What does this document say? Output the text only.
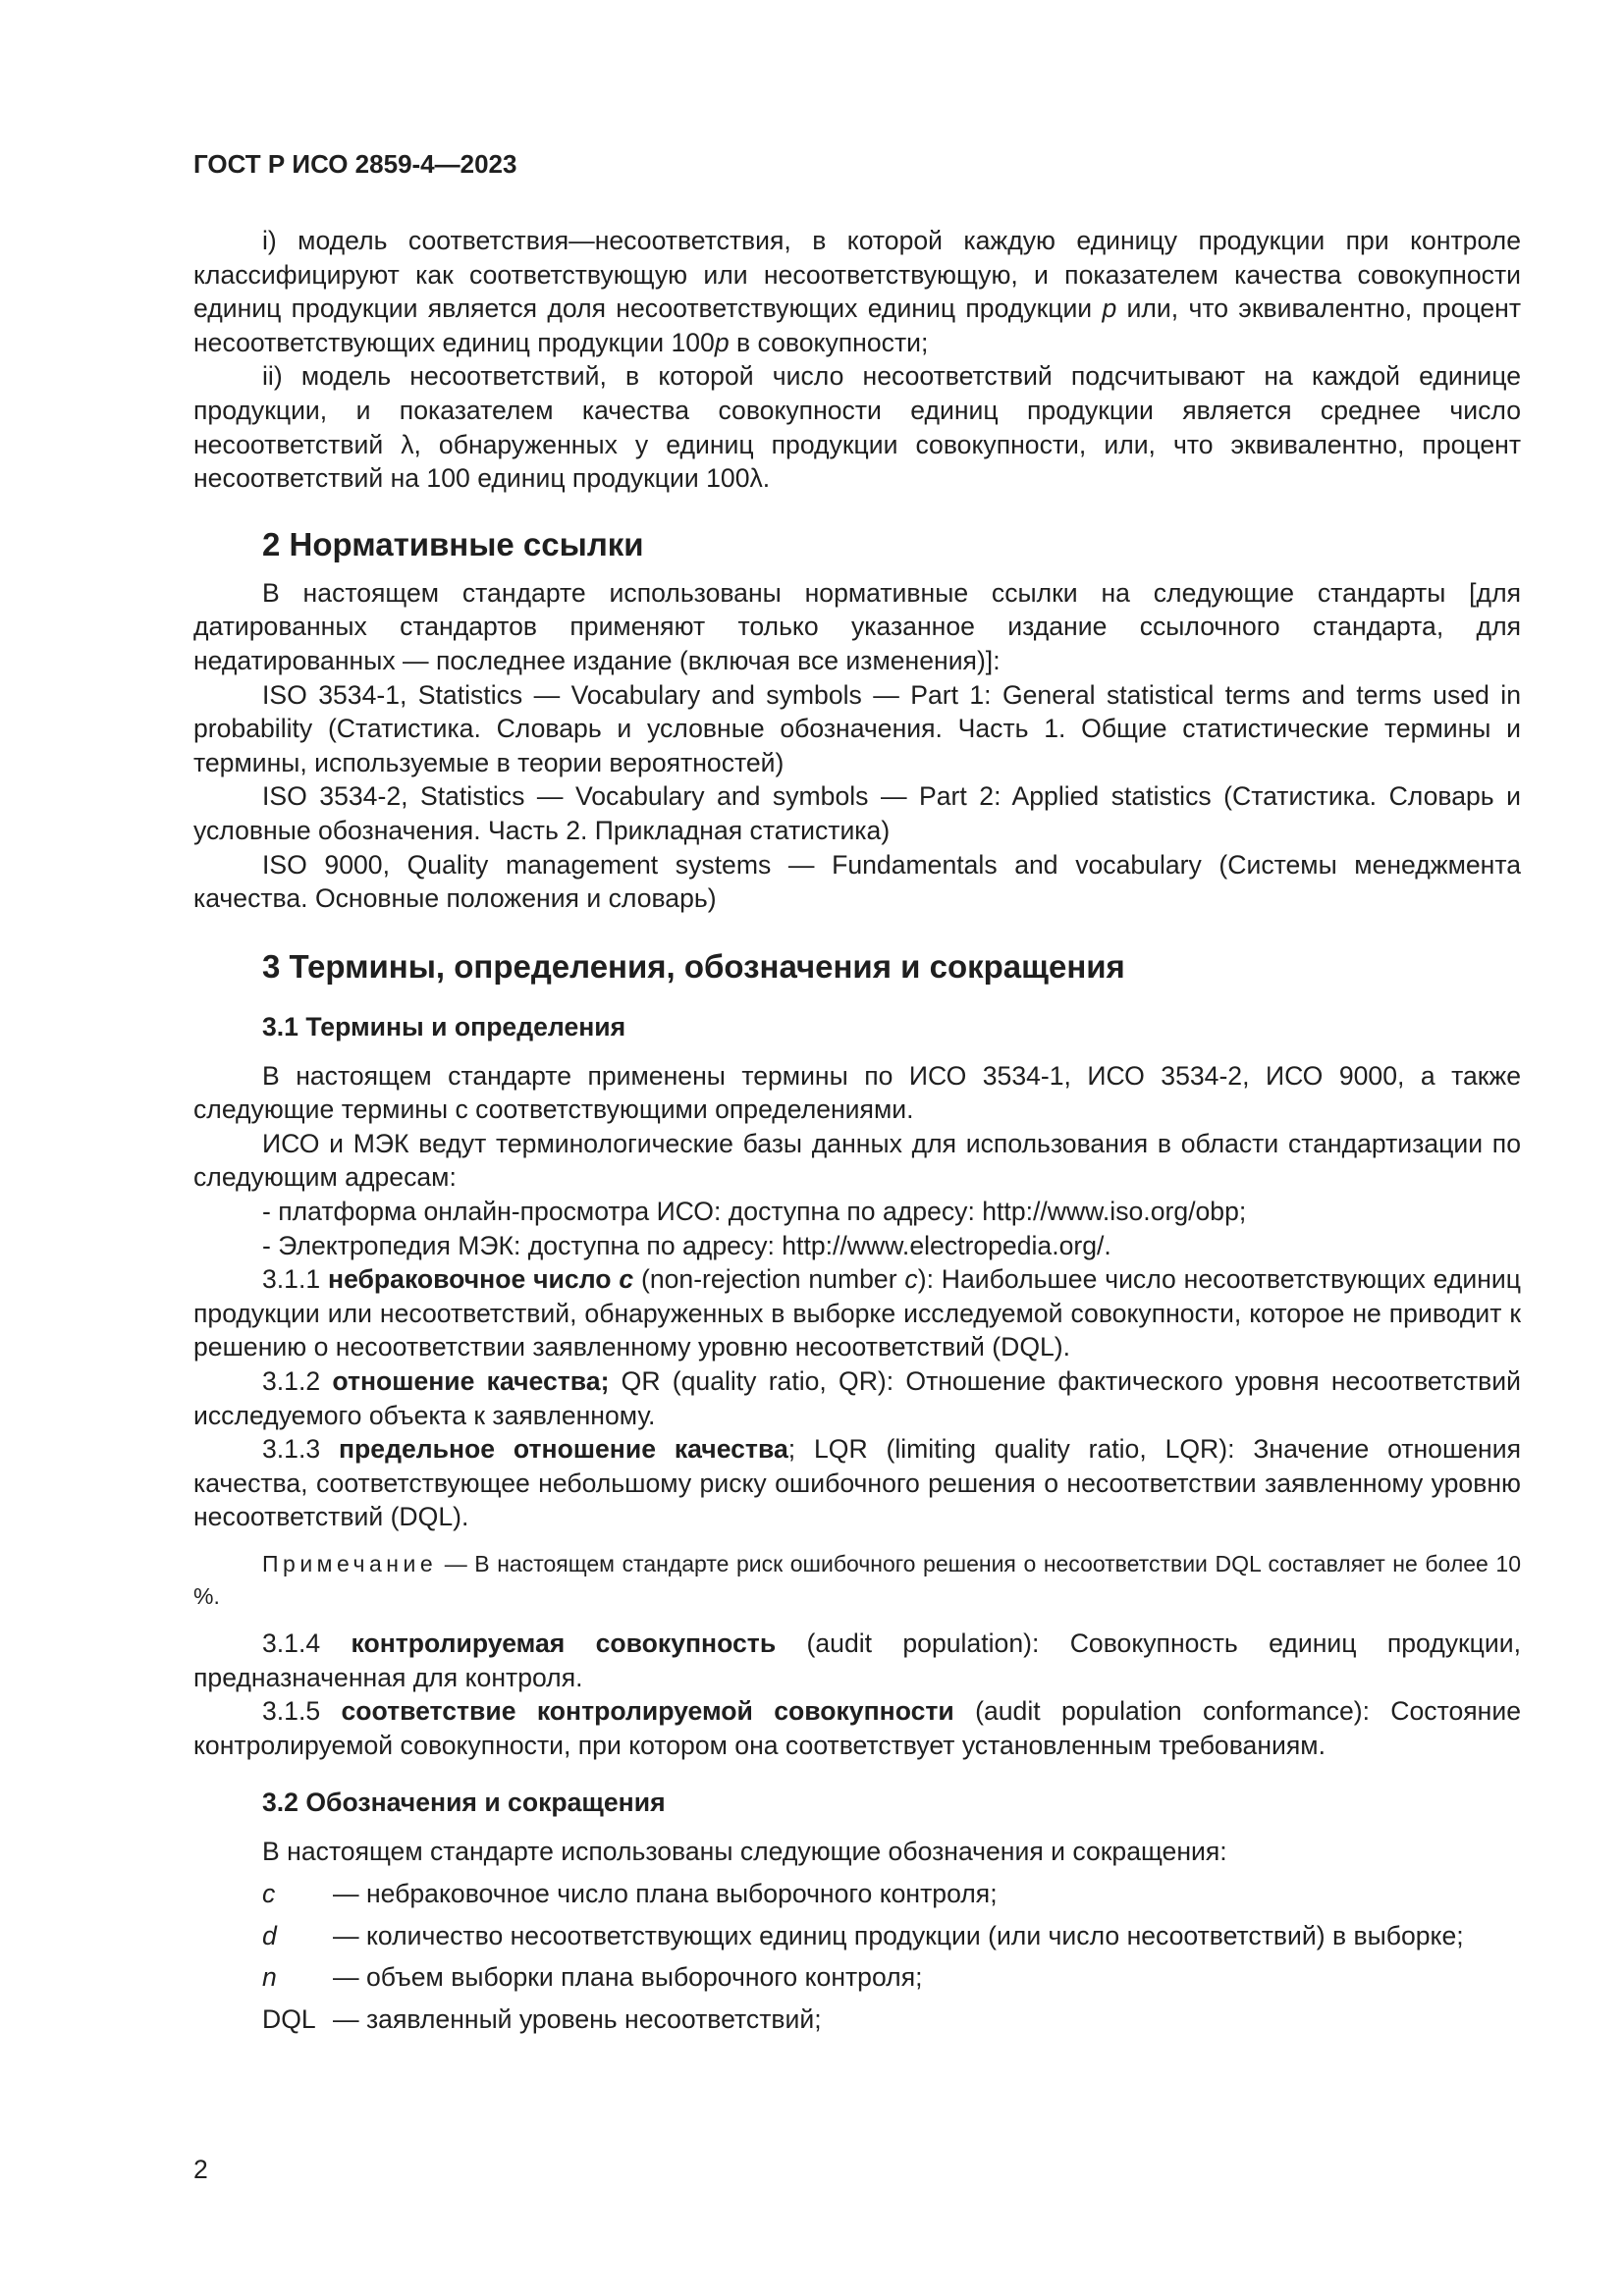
ГОСТ Р ИСО 2859-4—2023

i) модель соответствия—несоответствия, в которой каждую единицу продукции при контроле классифицируют как соответствующую или несоответствующую, и показателем качества совокупности единиц продукции является доля несоответствующих единиц продукции p или, что эквивалентно, процент несоответствующих единиц продукции 100p в совокупности;

ii) модель несоответствий, в которой число несоответствий подсчитывают на каждой единице продукции, и показателем качества совокупности единиц продукции является среднее число несоответствий λ, обнаруженных у единиц продукции совокупности, или, что эквивалентно, процент несоответствий на 100 единиц продукции 100λ.

2 Нормативные ссылки

В настоящем стандарте использованы нормативные ссылки на следующие стандарты [для датированных стандартов применяют только указанное издание ссылочного стандарта, для недатированных — последнее издание (включая все изменения)]:

ISO 3534-1, Statistics — Vocabulary and symbols — Part 1: General statistical terms and terms used in probability (Статистика. Словарь и условные обозначения. Часть 1. Общие статистические термины и термины, используемые в теории вероятностей)

ISO 3534-2, Statistics — Vocabulary and symbols — Part 2: Applied statistics (Статистика. Словарь и условные обозначения. Часть 2. Прикладная статистика)

ISO 9000, Quality management systems — Fundamentals and vocabulary (Системы менеджмента качества. Основные положения и словарь)

3 Термины, определения, обозначения и сокращения
3.1 Термины и определения

В настоящем стандарте применены термины по ИСО 3534-1, ИСО 3534-2, ИСО 9000, а также следующие термины с соответствующими определениями.

ИСО и МЭК ведут терминологические базы данных для использования в области стандартизации по следующим адресам:

- платформа онлайн-просмотра ИСО: доступна по адресу: http://www.iso.org/obp;

- Электропедия МЭК: доступна по адресу: http://www.electropedia.org/.

3.1.1 небраковочное число c (non-rejection number c): Наибольшее число несоответствующих единиц продукции или несоответствий, обнаруженных в выборке исследуемой совокупности, которое не приводит к решению о несоответствии заявленному уровню несоответствий (DQL).

3.1.2 отношение качества; QR (quality ratio, QR): Отношение фактического уровня несоответствий исследуемого объекта к заявленному.

3.1.3 предельное отношение качества; LQR (limiting quality ratio, LQR): Значение отношения качества, соответствующее небольшому риску ошибочного решения о несоответствии заявленному уровню несоответствий (DQL).

Примечание — В настоящем стандарте риск ошибочного решения о несоответствии DQL составляет не более 10 %.

3.1.4 контролируемая совокупность (audit population): Совокупность единиц продукции, предназначенная для контроля.

3.1.5 соответствие контролируемой совокупности (audit population conformance): Состояние контролируемой совокупности, при котором она соответствует установленным требованиям.

3.2 Обозначения и сокращения

В настоящем стандарте использованы следующие обозначения и сокращения:

c	— небраковочное число плана выборочного контроля;
d	— количество несоответствующих единиц продукции (или число несоответствий) в выборке;
n	— объем выборки плана выборочного контроля;
DQL — заявленный уровень несоответствий;
2
